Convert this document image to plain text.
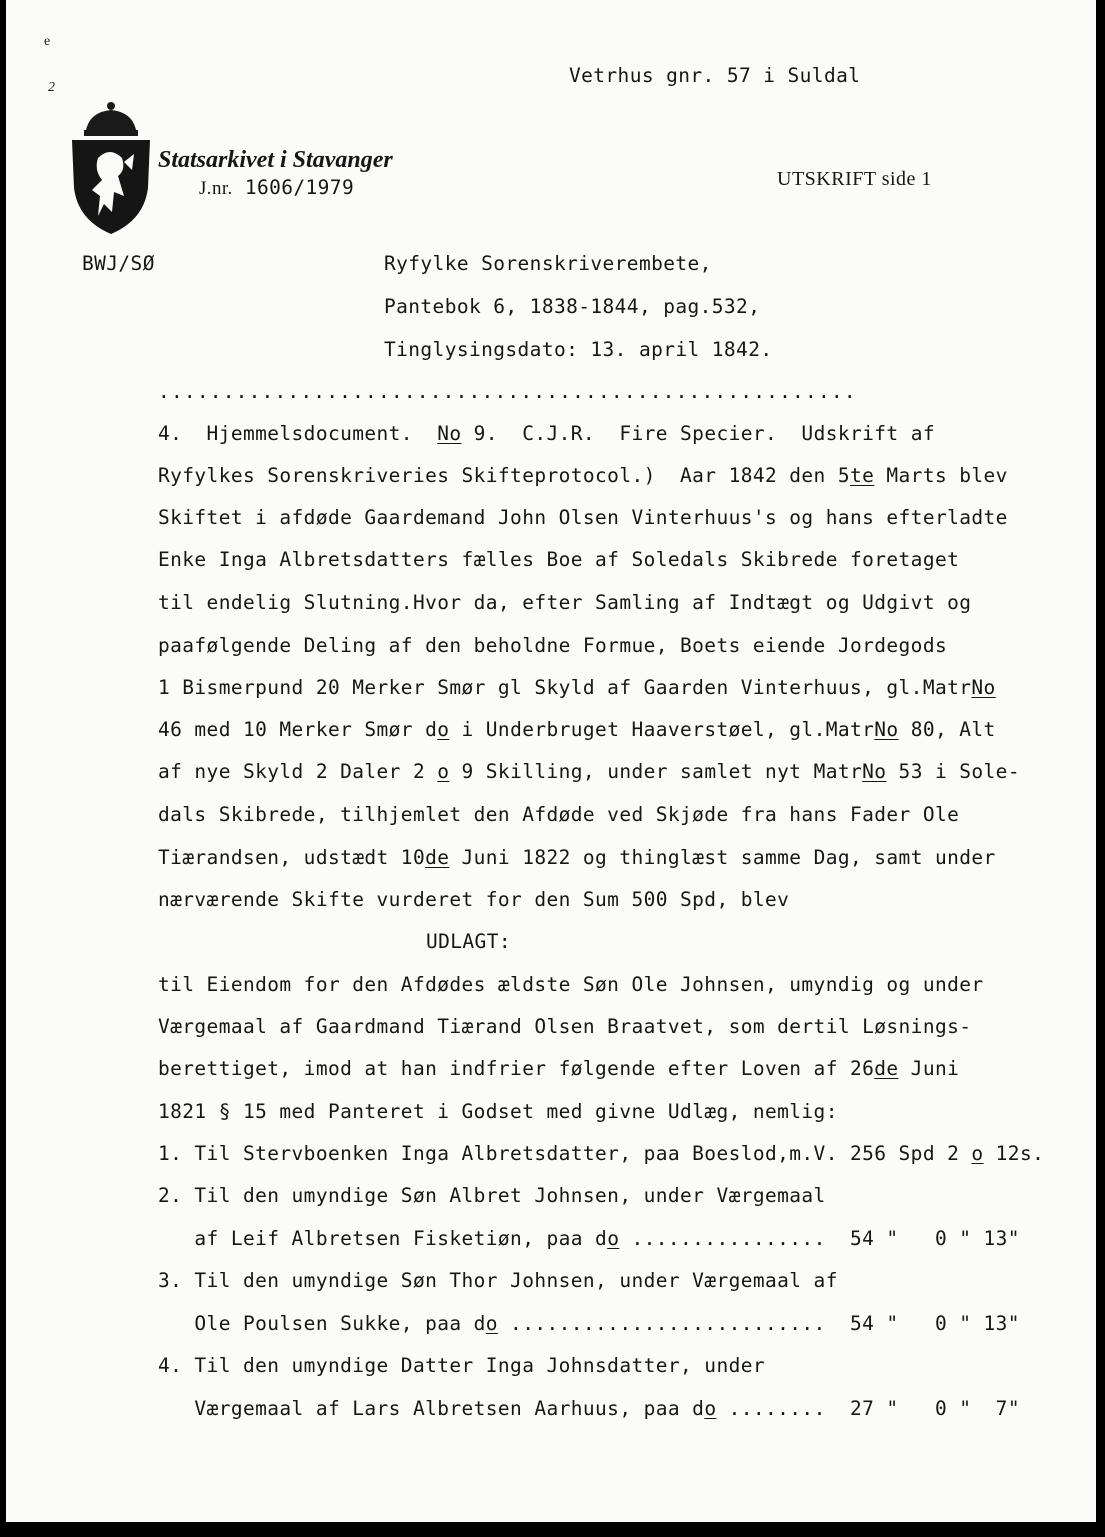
e
2
Vetrhus gnr. 57 i Suldal
Statsarkivet i Stavanger
J.nr. 1606/1979	UTSKRIFT side 1
BWJ/SØ	Ryfylke Sorenskriverembete,
Pantebok 6, 1838-1844, pag.532,
Tinglysingsdato: 13. april 1842.
......................................................
4.  Hjemmelsdocument.  No 9.  C.J.R.  Fire Specier.  Udskrift af
Ryfylkes Sorenskriveries Skifteprotocol.)  Aar 1842 den 5te Marts blev
Skiftet i afdøde Gaardemand John Olsen Vinterhuus's og hans efterladte
Enke Inga Albretsdatters fælles Boe af Soledals Skibrede foretaget
til endelig Slutning.Hvor da, efter Samling af Indtægt og Udgivt og
paafølgende Deling af den beholdne Formue, Boets eiende Jordegods
1 Bismerpund 20 Merker Smør gl Skyld af Gaarden Vinterhuus, gl.MatrNo
46 med 10 Merker Smør do i Underbruget Haaverstøel, gl.MatrNo 80, Alt
af nye Skyld 2 Daler 2 o 9 Skilling, under samlet nyt MatrNo 53 i Sole-
dals Skibrede, tilhjemlet den Afdøde ved Skjøde fra hans Fader Ole
Tiærandsen, udstædt 10de Juni 1822 og thinglæst samme Dag, samt under
nærværende Skifte vurderet for den Sum 500 Spd, blev
UDLAGT:
til Eiendom for den Afdødes ældste Søn Ole Johnsen, umyndig og under
Værgemaal af Gaardmand Tiærand Olsen Braatvet, som dertil Løsnings-
berettiget, imod at han indfrier følgende efter Loven af 26de Juni
1821 § 15 med Panteret i Godset med givne Udlæg, nemlig:
1. Til Stervboenken Inga Albretsdatter, paa Boeslod,m.V. 256 Spd 2 o 12s.
2. Til den umyndige Søn Albret Johnsen, under Værgemaal
af Leif Albretsen Fisketiøn, paa do ................  54 "   0 " 13"
3. Til den umyndige Søn Thor Johnsen, under Værgemaal af
Ole Poulsen Sukke, paa do ..........................  54 "   0 " 13"
4. Til den umyndige Datter Inga Johnsdatter, under
Værgemaal af Lars Albretsen Aarhuus, paa do ........  27 "   0 "  7"
